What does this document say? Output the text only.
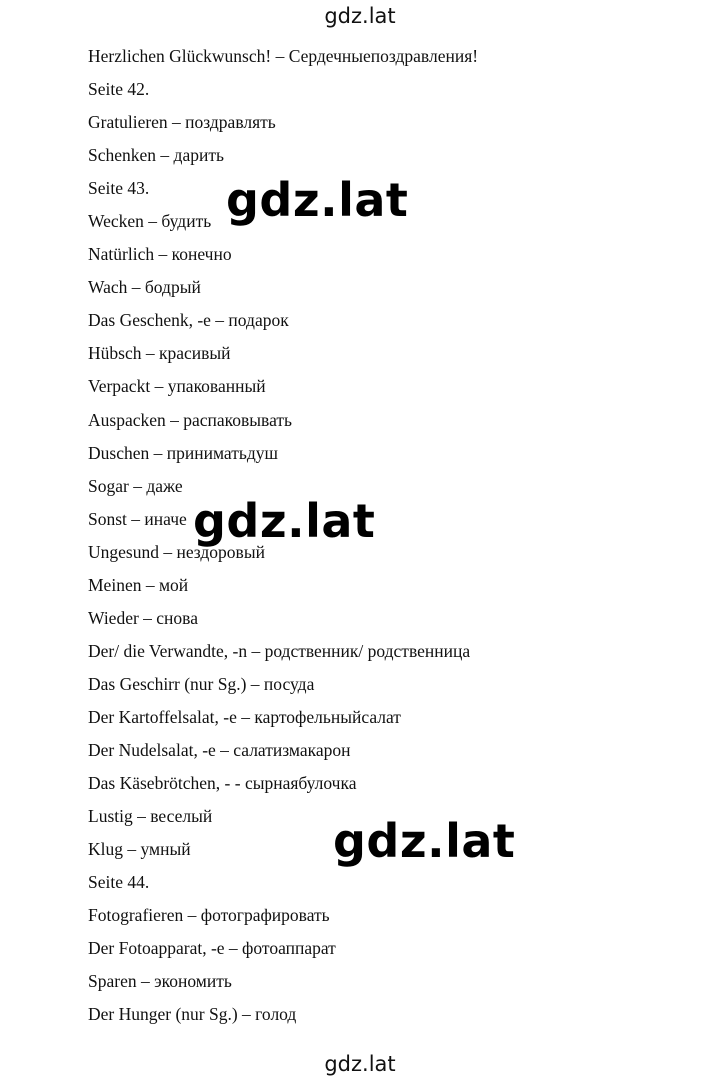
gdz.lat
Herzlichen Glückwunsch! – Сердечныепоздравления!
Seite 42.
Gratulieren – поздравлять
Schenken – дарить
Seite 43.
Wecken – будить
Natürlich – конечно
Wach – бодрый
Das Geschenk, -e – подарок
Hübsch – красивый
Verpackt – упакованный
Auspacken – распаковывать
Duschen – приниматьдуш
Sogar – даже
Sonst – иначе
Ungesund – нездоровый
Meinen – мой
Wieder – снова
Der/ die Verwandte, -n – родственник/ родственница
Das Geschirr (nur Sg.) – посуда
Der Kartoffelsalat, -e – картофельныйсалат
Der Nudelsalat, -e – салатизмакарон
Das Käsebrötchen, - - сырнаябулочка
Lustig – веселый
Klug – умный
Seite 44.
Fotografieren – фотографировать
Der Fotoapparat, -e – фотоаппарат
Sparen – экономить
Der Hunger (nur Sg.) – голод
gdz.lat
gdz.lat
gdz.lat
gdz.lat
